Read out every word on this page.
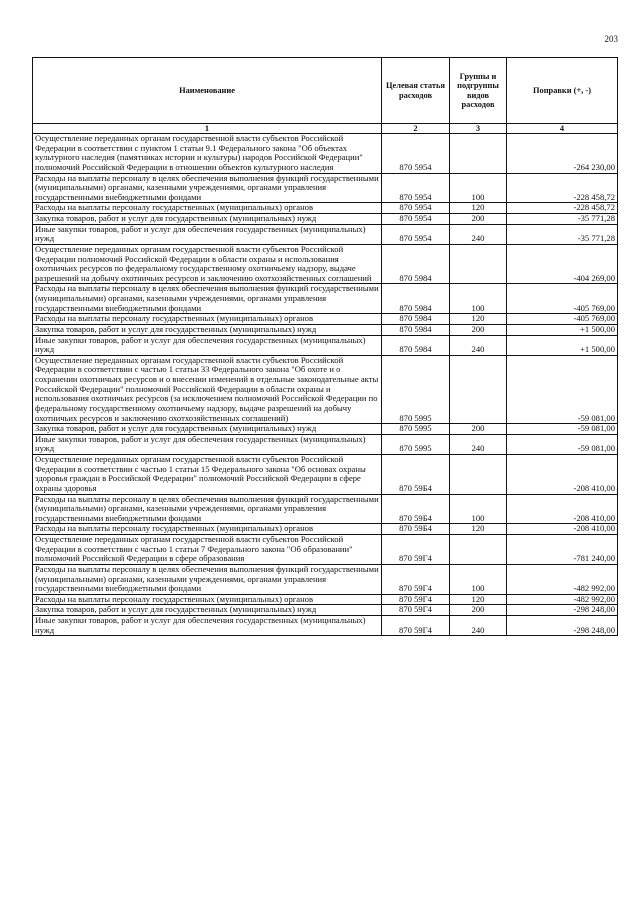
203
Наименование	Целевая статья расходов	Группы и подгруппы видов расходов	Поправки (+, -)
1	2	3	4
Осуществление переданных органам государственной власти субъектов Российской Федерации в соответствии с пунктом 1 статьи 9.1 Федерального закона "Об объектах культурного наследия (памятниках истории и культуры) народов Российской Федерации" полномочий Российской Федерации в отношении объектов культурного наследия	870 5954		-264 230,00
Расходы на выплаты персоналу в целях обеспечения выполнения функций государственными (муниципальными) органами, казенными учреждениями, органами управления государственными внебюджетными фондами	870 5954	100	-228 458,72
Расходы на выплаты персоналу государственных (муниципальных) органов	870 5954	120	-228 458,72
Закупка товаров, работ и услуг для государственных (муниципальных) нужд	870 5954	200	-35 771,28
Иные закупки товаров, работ и услуг для обеспечения государственных (муниципальных) нужд	870 5954	240	-35 771,28
Осуществление переданных органам государственной власти субъектов Российской Федерации полномочий Российской Федерации в области охраны и использования охотничьих ресурсов по федеральному государственному охотничьему надзору, выдаче разрешений на добычу охотничьих ресурсов и заключению охотхозяйственных соглашений	870 5984		-404 269,00
Расходы на выплаты персоналу в целях обеспечения выполнения функций государственными (муниципальными) органами, казенными учреждениями, органами управления государственными внебюджетными фондами	870 5984	100	-405 769,00
Расходы на выплаты персоналу государственных (муниципальных) органов	870 5984	120	-405 769,00
Закупка товаров, работ и услуг для государственных (муниципальных) нужд	870 5984	200	+1 500,00
Иные закупки товаров, работ и услуг для обеспечения государственных (муниципальных) нужд	870 5984	240	+1 500,00
Осуществление переданных органам государственной власти субъектов Российской Федерации в соответствии с частью 1 статьи 33 Федерального закона "Об охоте и о сохранении охотничьих ресурсов и о внесении изменений в отдельные законодательные акты Российской Федерации" полномочий Российской Федерации в области охраны и использования охотничьих ресурсов (за исключением полномочий Российской Федерации по федеральному государственному охотничьему надзору, выдаче разрешений на добычу охотничьих ресурсов и заключению охотхозяйственных соглашений)	870 5995		-59 081,00
Закупка товаров, работ и услуг для государственных (муниципальных) нужд	870 5995	200	-59 081,00
Иные закупки товаров, работ и услуг для обеспечения государственных (муниципальных) нужд	870 5995	240	-59 081,00
Осуществление переданных органам государственной власти субъектов Российской Федерации в соответствии с частью 1 статьи 15 Федерального закона "Об основах охраны здоровья граждан в Российской Федерации" полномочий Российской Федерации в сфере охраны здоровья	870 59Б4		-208 410,00
Расходы на выплаты персоналу в целях обеспечения выполнения функций государственными (муниципальными) органами, казенными учреждениями, органами управления государственными внебюджетными фондами	870 59Б4	100	-208 410,00
Расходы на выплаты персоналу государственных (муниципальных) органов	870 59Б4	120	-208 410,00
Осуществление переданных органам государственной власти субъектов Российской Федерации в соответствии с частью 1 статьи 7 Федерального закона "Об образовании" полномочий Российской Федерации в сфере образования	870 59Г4		-781 240,00
Расходы на выплаты персоналу в целях обеспечения выполнения функций государственными (муниципальными) органами, казенными учреждениями, органами управления государственными внебюджетными фондами	870 59Г4	100	-482 992,00
Расходы на выплаты персоналу государственных (муниципальных) органов	870 59Г4	120	-482 992,00
Закупка товаров, работ и услуг для государственных (муниципальных) нужд	870 59Г4	200	-298 248,00
Иные закупки товаров, работ и услуг для обеспечения государственных (муниципальных) нужд	870 59Г4	240	-298 248,00
